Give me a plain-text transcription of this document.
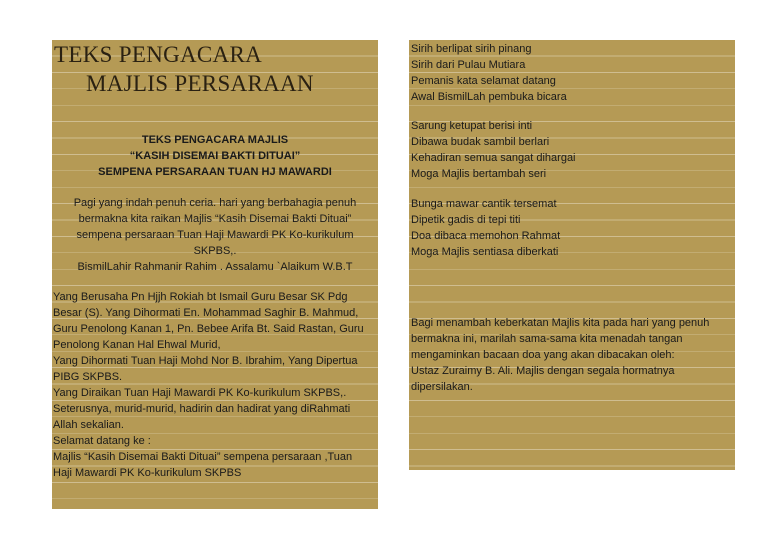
TEKS PENGACARA
MAJLIS PERSARAAN
TEKS PENGACARA MAJLIS
“KASIH DISEMAI BAKTI DITUAI”
SEMPENA PERSARAAN TUAN HJ MAWARDI
Pagi yang indah penuh ceria. hari yang berbahagia penuh
bermakna kita raikan Majlis “Kasih Disemai Bakti Dituai”
sempena persaraan Tuan Haji Mawardi PK Ko-kurikulum
SKPBS,.
BismilLahir Rahmanir Rahim . Assalamu `Alaikum W.B.T
Yang Berusaha Pn Hjjh Rokiah bt Ismail Guru Besar SK Pdg
Besar (S). Yang Dihormati En. Mohammad Saghir B. Mahmud,
Guru Penolong Kanan 1, Pn. Bebee Arifa Bt. Said Rastan, Guru
Penolong Kanan Hal Ehwal Murid,
Yang Dihormati Tuan Haji Mohd Nor B. Ibrahim, Yang Dipertua
PIBG SKPBS.
Yang Diraikan Tuan Haji Mawardi PK Ko-kurikulum SKPBS,.
Seterusnya, murid-murid, hadirin dan hadirat yang diRahmati
Allah sekalian.
Selamat datang ke :
Majlis “Kasih Disemai Bakti Dituai” sempena persaraan ,Tuan
Haji Mawardi PK Ko-kurikulum SKPBS
Sirih berlipat sirih pinang
Sirih dari Pulau Mutiara
Pemanis kata selamat datang
Awal BismilLah pembuka bicara
Sarung ketupat berisi inti
Dibawa budak sambil berlari
Kehadiran semua sangat dihargai
Moga Majlis bertambah seri
Bunga mawar cantik tersemat
Dipetik gadis di tepi titi
Doa dibaca memohon Rahmat
Moga Majlis sentiasa diberkati
Bagi menambah keberkatan Majlis kita pada hari yang penuh
bermakna ini, marilah sama-sama kita menadah tangan
mengaminkan bacaan doa yang akan dibacakan oleh:
Ustaz Zuraimy B. Ali. Majlis dengan segala hormatnya
dipersilakan.
